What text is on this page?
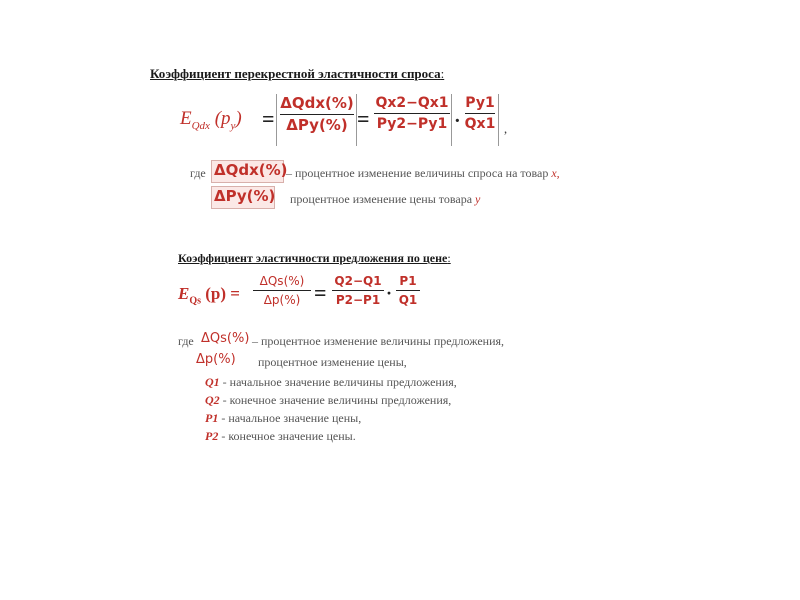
Коэффициент перекрестной эластичности спроса:
$E_{Qdx}$ $(p_y)$ =
ΔQdx(%)
ΔPy(%) =
Qx2−Qx1
Py2−Py1 ·
Py1
Qx1 ,
где ΔQdx(%)
– процентное изменение величины спроса на товар x,
ΔPy(%) процентное изменение цены товара y
Коэффициент эластичности предложения по цене:
$E_{Qs}$ (р) =
ΔQs(%)
Δp(%) = Q2−Q1
P2−P1 ·
P1
Q1
где ΔQs(%) – процентное изменение величины предложения,
Δp(%) процентное изменение цены,
Q1 - начальное значение величины предложения,
Q2 - конечное значение величины предложения,
P1 - начальное значение цены,
P2 - конечное значение цены.
